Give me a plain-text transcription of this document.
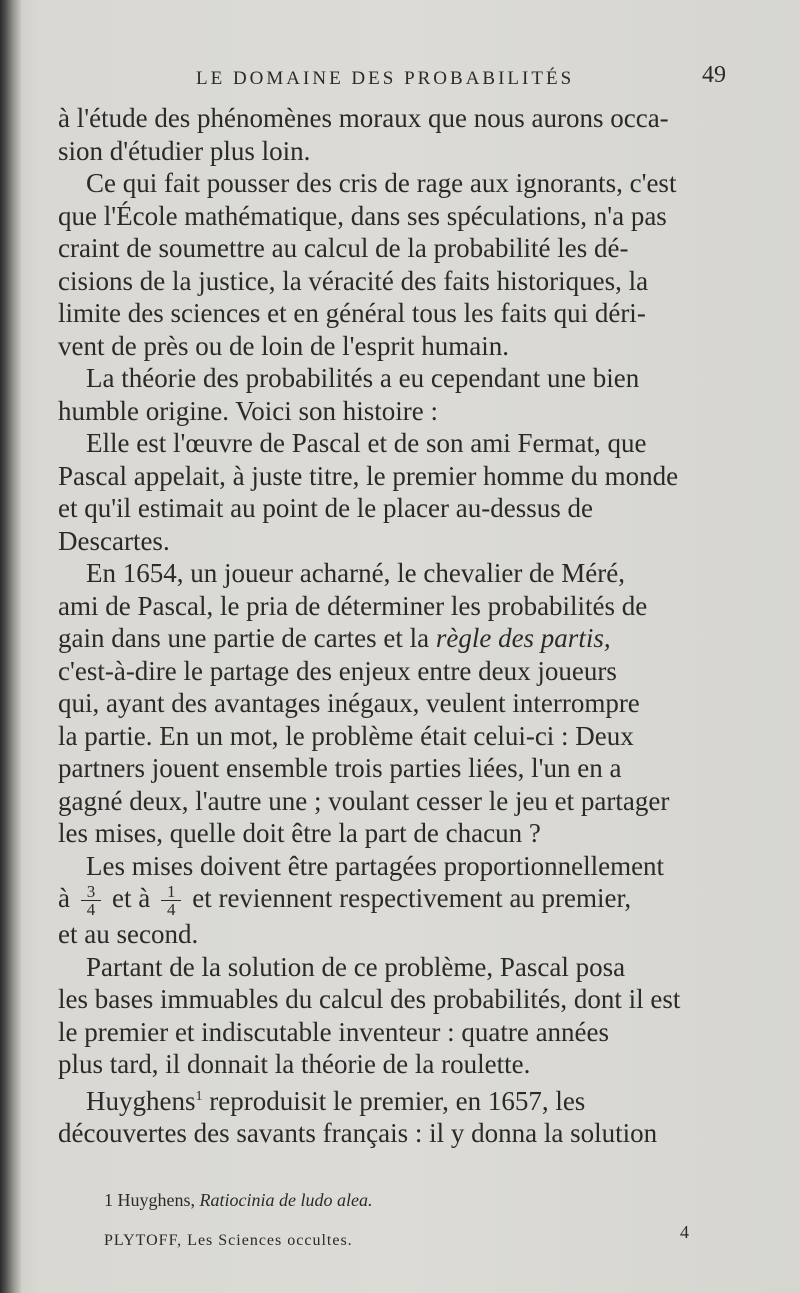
LE DOMAINE DES PROBABILITÉS	49
à l'étude des phénomènes moraux que nous aurons occa-
sion d'étudier plus loin.
Ce qui fait pousser des cris de rage aux ignorants, c'est
que l'École mathématique, dans ses spéculations, n'a pas
craint de soumettre au calcul de la probabilité les dé-
cisions de la justice, la véracité des faits historiques, la
limite des sciences et en général tous les faits qui déri-
vent de près ou de loin de l'esprit humain.
La théorie des probabilités a eu cependant une bien
humble origine. Voici son histoire :
Elle est l'œuvre de Pascal et de son ami Fermat, que
Pascal appelait, à juste titre, le premier homme du monde
et qu'il estimait au point de le placer au-dessus de
Descartes.
En 1654, un joueur acharné, le chevalier de Méré,
ami de Pascal, le pria de déterminer les probabilités de
gain dans une partie de cartes et la règle des partis,
c'est-à-dire le partage des enjeux entre deux joueurs
qui, ayant des avantages inégaux, veulent interrompre
la partie. En un mot, le problème était celui-ci : Deux
partners jouent ensemble trois parties liées, l'un en a
gagné deux, l'autre une ; voulant cesser le jeu et partager
les mises, quelle doit être la part de chacun ?
Les mises doivent être partagées proportionnellement
à $\frac{3}{4}$ et à $\frac{1}{4}$ et reviennent respectivement au premier,
et au second.
Partant de la solution de ce problème, Pascal posa
les bases immuables du calcul des probabilités, dont il est
le premier et indiscutable inventeur : quatre années
plus tard, il donnait la théorie de la roulette.
Huyghens$^1$ reproduisit le premier, en 1657, les
découvertes des savants français : il y donna la solution
1 Huyghens, Ratiocinia de ludo alea.
PLYTOFF, Les Sciences occultes.	4
